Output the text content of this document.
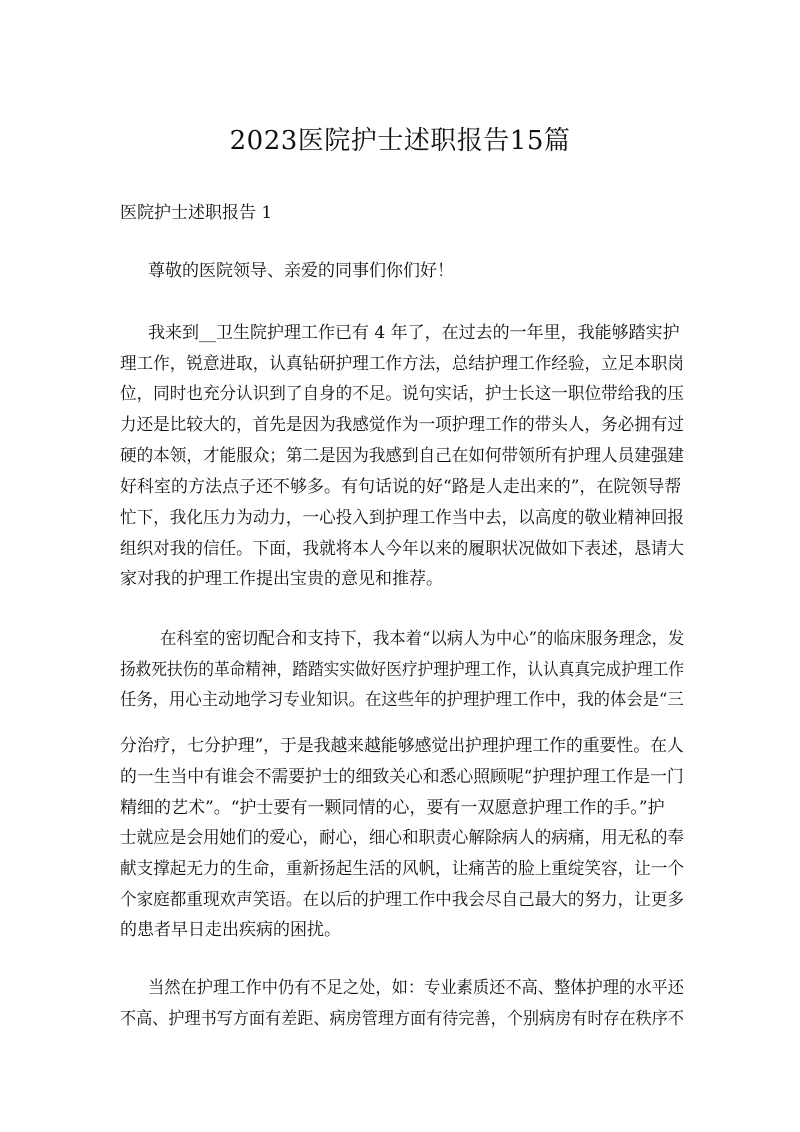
2023医院护士述职报告15篇
医院护士述职报告 1

尊敬的医院领导、亲爱的同事们你们好！

我来到__卫生院护理工作已有 4 年了，在过去的一年里，我能够踏实护

理工作，锐意进取，认真钻研护理工作方法，总结护理工作经验，立足本职岗

位，同时也充分认识到了自身的不足。说句实话，护士长这一职位带给我的压

力还是比较大的，首先是因为我感觉作为一项护理工作的带头人，务必拥有过

硬的本领，才能服众；第二是因为我感到自己在如何带领所有护理人员建强建

好科室的方法点子还不够多。有句话说的好“路是人走出来的”，在院领导帮

忙下，我化压力为动力，一心投入到护理工作当中去，以高度的敬业精神回报

组织对我的信任。下面，我就将本人今年以来的履职状况做如下表述，恳请大

家对我的护理工作提出宝贵的意见和推荐。

在科室的密切配合和支持下，我本着“以病人为中心”的临床服务理念，发

扬救死扶伤的革命精神，踏踏实实做好医疗护理护理工作，认认真真完成护理工作

任务，用心主动地学习专业知识。在这些年的护理护理工作中，我的体会是“三

分治疗，七分护理”，于是我越来越能够感觉出护理护理工作的重要性。在人

的一生当中有谁会不需要护士的细致关心和悉心照顾呢“护理护理工作是一门

精细的艺术”。“护士要有一颗同情的心，要有一双愿意护理工作的手。”护

士就应是会用她们的爱心，耐心，细心和职责心解除病人的病痛，用无私的奉

献支撑起无力的生命，重新扬起生活的风帆，让痛苦的脸上重绽笑容，让一个

个家庭都重现欢声笑语。在以后的护理工作中我会尽自己最大的努力，让更多

的患者早日走出疾病的困扰。

当然在护理工作中仍有不足之处，如：专业素质还不高、整体护理的水平还

不高、护理书写方面有差距、病房管理方面有待完善，个别病房有时存在秩序不
